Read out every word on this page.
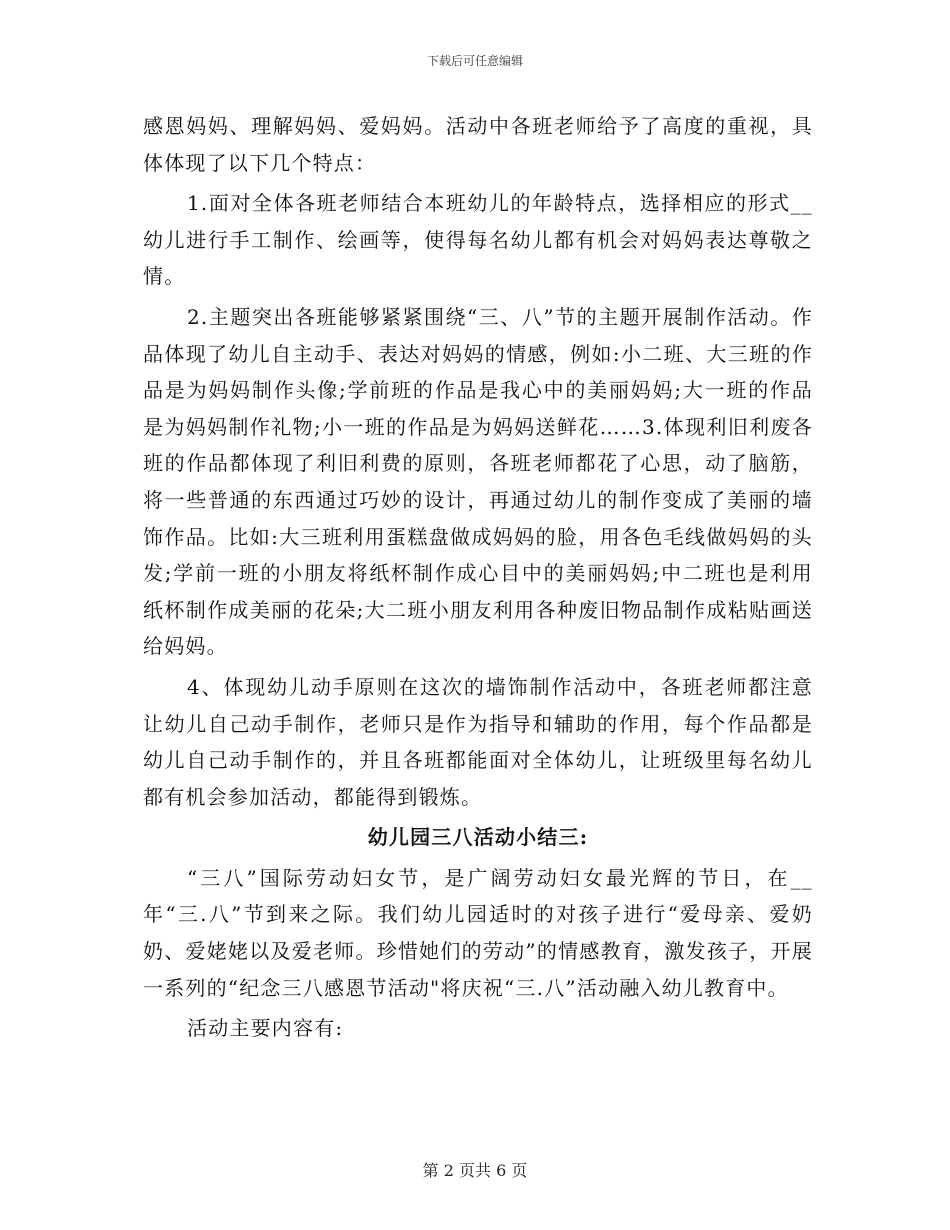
下载后可任意编辑

感恩妈妈、理解妈妈、爱妈妈。活动中各班老师给予了高度的重视，具体体现了以下几个特点：

1.面对全体各班老师结合本班幼儿的年龄特点，选择相应的形式__幼儿进行手工制作、绘画等，使得每名幼儿都有机会对妈妈表达尊敬之情。

2.主题突出各班能够紧紧围绕“三、八”节的主题开展制作活动。作品体现了幼儿自主动手、表达对妈妈的情感，例如:小二班、大三班的作品是为妈妈制作头像;学前班的作品是我心中的美丽妈妈;大一班的作品是为妈妈制作礼物;小一班的作品是为妈妈送鲜花……3.体现利旧利废各班的作品都体现了利旧利费的原则，各班老师都花了心思，动了脑筋，将一些普通的东西通过巧妙的设计，再通过幼儿的制作变成了美丽的墙饰作品。比如:大三班利用蛋糕盘做成妈妈的脸，用各色毛线做妈妈的头发;学前一班的小朋友将纸杯制作成心目中的美丽妈妈;中二班也是利用纸杯制作成美丽的花朵;大二班小朋友利用各种废旧物品制作成粘贴画送给妈妈。

4、体现幼儿动手原则在这次的墙饰制作活动中，各班老师都注意让幼儿自己动手制作，老师只是作为指导和辅助的作用，每个作品都是幼儿自己动手制作的，并且各班都能面对全体幼儿，让班级里每名幼儿都有机会参加活动，都能得到锻炼。

幼儿园三八活动小结三:

“三八”国际劳动妇女节，是广阔劳动妇女最光辉的节日，在__年“三.八”节到来之际。我们幼儿园适时的对孩子进行“爱母亲、爱奶奶、爱姥姥以及爱老师。珍惜她们的劳动”的情感教育，激发孩子，开展一系列的“纪念三八感恩节活动"将庆祝“三.八”活动融入幼儿教育中。

活动主要内容有:

第 2 页共 6 页
